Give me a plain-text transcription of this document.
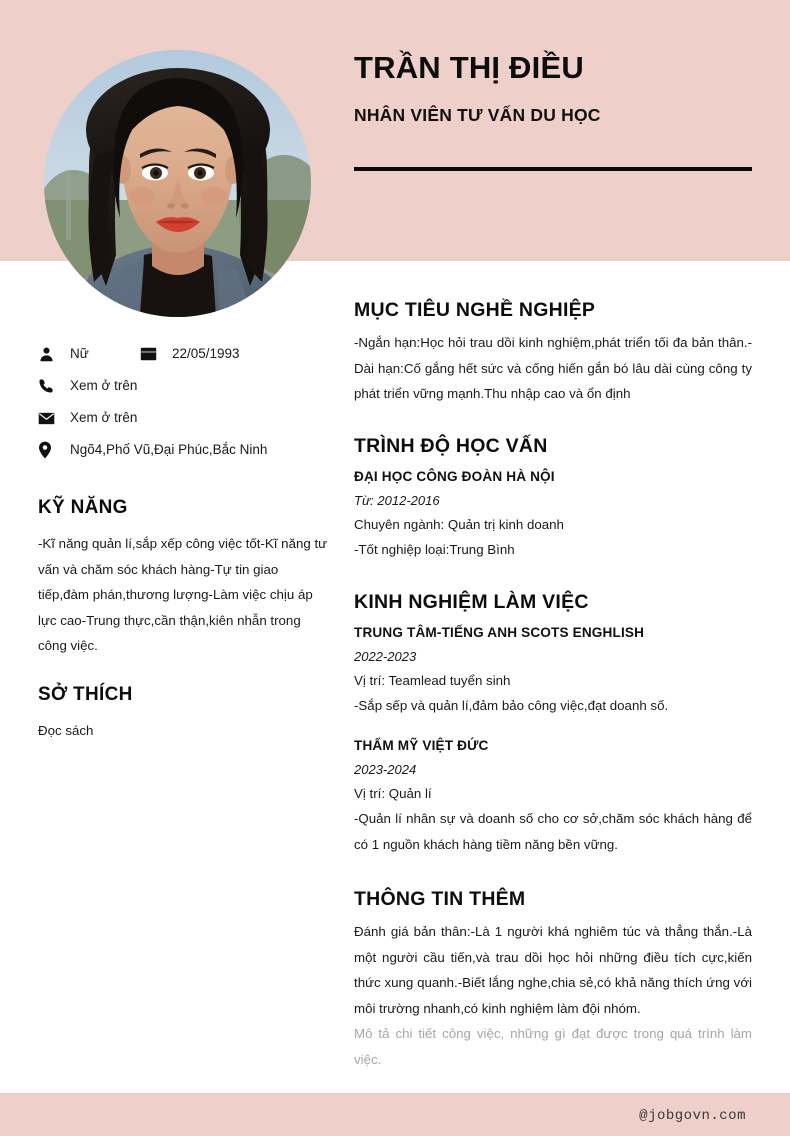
TRẦN THỊ ĐIỀU
NHÂN VIÊN TƯ VẤN DU HỌC
Nữ	22/05/1993
Xem ở trên
Xem ở trên
Ngõ4,Phố Vũ,Đại Phúc,Bắc Ninh
KỸ NĂNG

-Kĩ năng quản lí,sắp xếp công việc tốt-Kĩ năng tư vấn và chăm sóc khách hàng-Tự tin giao tiếp,đàm phán,thương lượng-Làm việc chịu áp lực cao-Trung thực,cần thận,kiên nhẫn trong công việc.

SỞ THÍCH

Đọc sách

MỤC TIÊU NGHỀ NGHIỆP

-Ngắn hạn:Học hỏi trau dồi kinh nghiệm,phát triển tối đa bản thân.-Dài hạn:Cố gắng hết sức và cống hiến gắn bó lâu dài cùng công ty phát triển vững mạnh.Thu nhập cao và ổn định

TRÌNH ĐỘ HỌC VẤN

ĐẠI HỌC CÔNG ĐOÀN HÀ NỘI

Từ: 2012-2016

Chuyên ngành: Quản trị kinh doanh

-Tốt nghiệp loại:Trung Bình

KINH NGHIỆM LÀM VIỆC

TRUNG TÂM-TIẾNG ANH SCOTS ENGHLISH

2022-2023

Vị trí: Teamlead tuyển sinh

-Sắp sếp và quản lí,đảm bảo công việc,đạt doanh số.

THẨM MỸ VIỆT ĐỨC

2023-2024

Vị trí: Quản lí

-Quản lí nhân sự và doanh số cho cơ sở,chăm sóc khách hàng để có 1 nguồn khách hàng tiềm năng bền vững.

THÔNG TIN THÊM

Đánh giá bản thân:-Là 1 người khá nghiêm túc và thẳng thắn.-Là một người cầu tiến,và trau dồi học hỏi những điều tích cực,kiến thức xung quanh.-Biết lắng nghe,chia sẻ,có khả năng thích ứng với môi trường nhanh,có kinh nghiệm làm đội nhóm.

Mô tả chi tiết công việc, những gì đạt được trong quá trình làm việc.

@jobgovn.com
